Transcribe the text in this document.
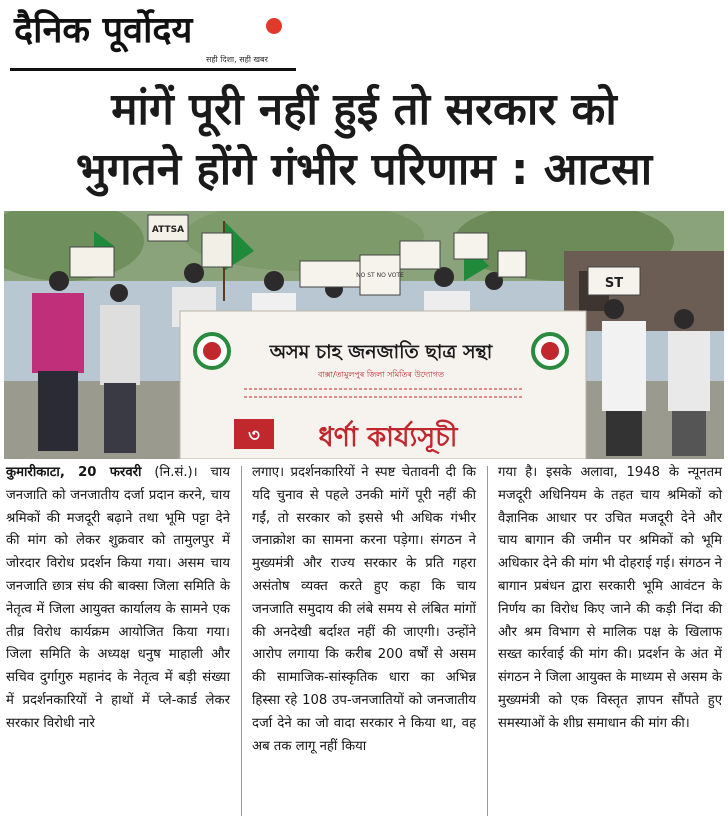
दैनिक पूर्वोदय
सही दिशा, सही खबर
मांगें पूरी नहीं हुई तो सरकार को
भुगतने होंगे गंभीर परिणाम : आटसा
ATTSA
NO ST NO VOTE
ST
অসম চাহ জনজাতি ছাত্র সন্থা
বাক্সা/তামুলপুৰ জিলা সমিতিৰ উদ্যোগত
৩ ধৰ্ণা কাৰ্য্যসূচী
कुमारीकाटा, 20 फरवरी (नि.सं.)। चाय जनजाति को जनजातीय दर्जा प्रदान करने, चाय श्रमिकों की मजदूरी बढ़ाने तथा भूमि पट्टा देने की मांग को लेकर शुक्रवार को तामुलपुर में जोरदार विरोध प्रदर्शन किया गया। असम चाय जनजाति छात्र संघ की बाक्सा जिला समिति के नेतृत्व में जिला आयुक्त कार्यालय के सामने एक तीव्र विरोध कार्यक्रम आयोजित किया गया। जिला समिति के अध्यक्ष धनुष माहाली और सचिव दुर्गागुरु महानंद के नेतृत्व में बड़ी संख्या में प्रदर्शनकारियों ने हाथों में प्ले-कार्ड लेकर सरकार विरोधी नारे
लगाए। प्रदर्शनकारियों ने स्पष्ट चेतावनी दी कि यदि चुनाव से पहले उनकी मांगें पूरी नहीं की गईं, तो सरकार को इससे भी अधिक गंभीर जनाक्रोश का सामना करना पड़ेगा। संगठन ने मुख्यमंत्री और राज्य सरकार के प्रति गहरा असंतोष व्यक्त करते हुए कहा कि चाय जनजाति समुदाय की लंबे समय से लंबित मांगों की अनदेखी बर्दाश्त नहीं की जाएगी। उन्होंने आरोप लगाया कि करीब 200 वर्षों से असम की सामाजिक-सांस्कृतिक धारा का अभिन्न हिस्सा रहे 108 उप-जनजातियों को जनजातीय दर्जा देने का जो वादा सरकार ने किया था, वह अब तक लागू नहीं किया
गया है। इसके अलावा, 1948 के न्यूनतम मजदूरी अधिनियम के तहत चाय श्रमिकों को वैज्ञानिक आधार पर उचित मजदूरी देने और चाय बागान की जमीन पर श्रमिकों को भूमि अधिकार देने की मांग भी दोहराई गई। संगठन ने बागान प्रबंधन द्वारा सरकारी भूमि आवंटन के निर्णय का विरोध किए जाने की कड़ी निंदा की और श्रम विभाग से मालिक पक्ष के खिलाफ सख्त कार्रवाई की मांग की। प्रदर्शन के अंत में संगठन ने जिला आयुक्त के माध्यम से असम के मुख्यमंत्री को एक विस्तृत ज्ञापन सौंपते हुए समस्याओं के शीघ्र समाधान की मांग की।
